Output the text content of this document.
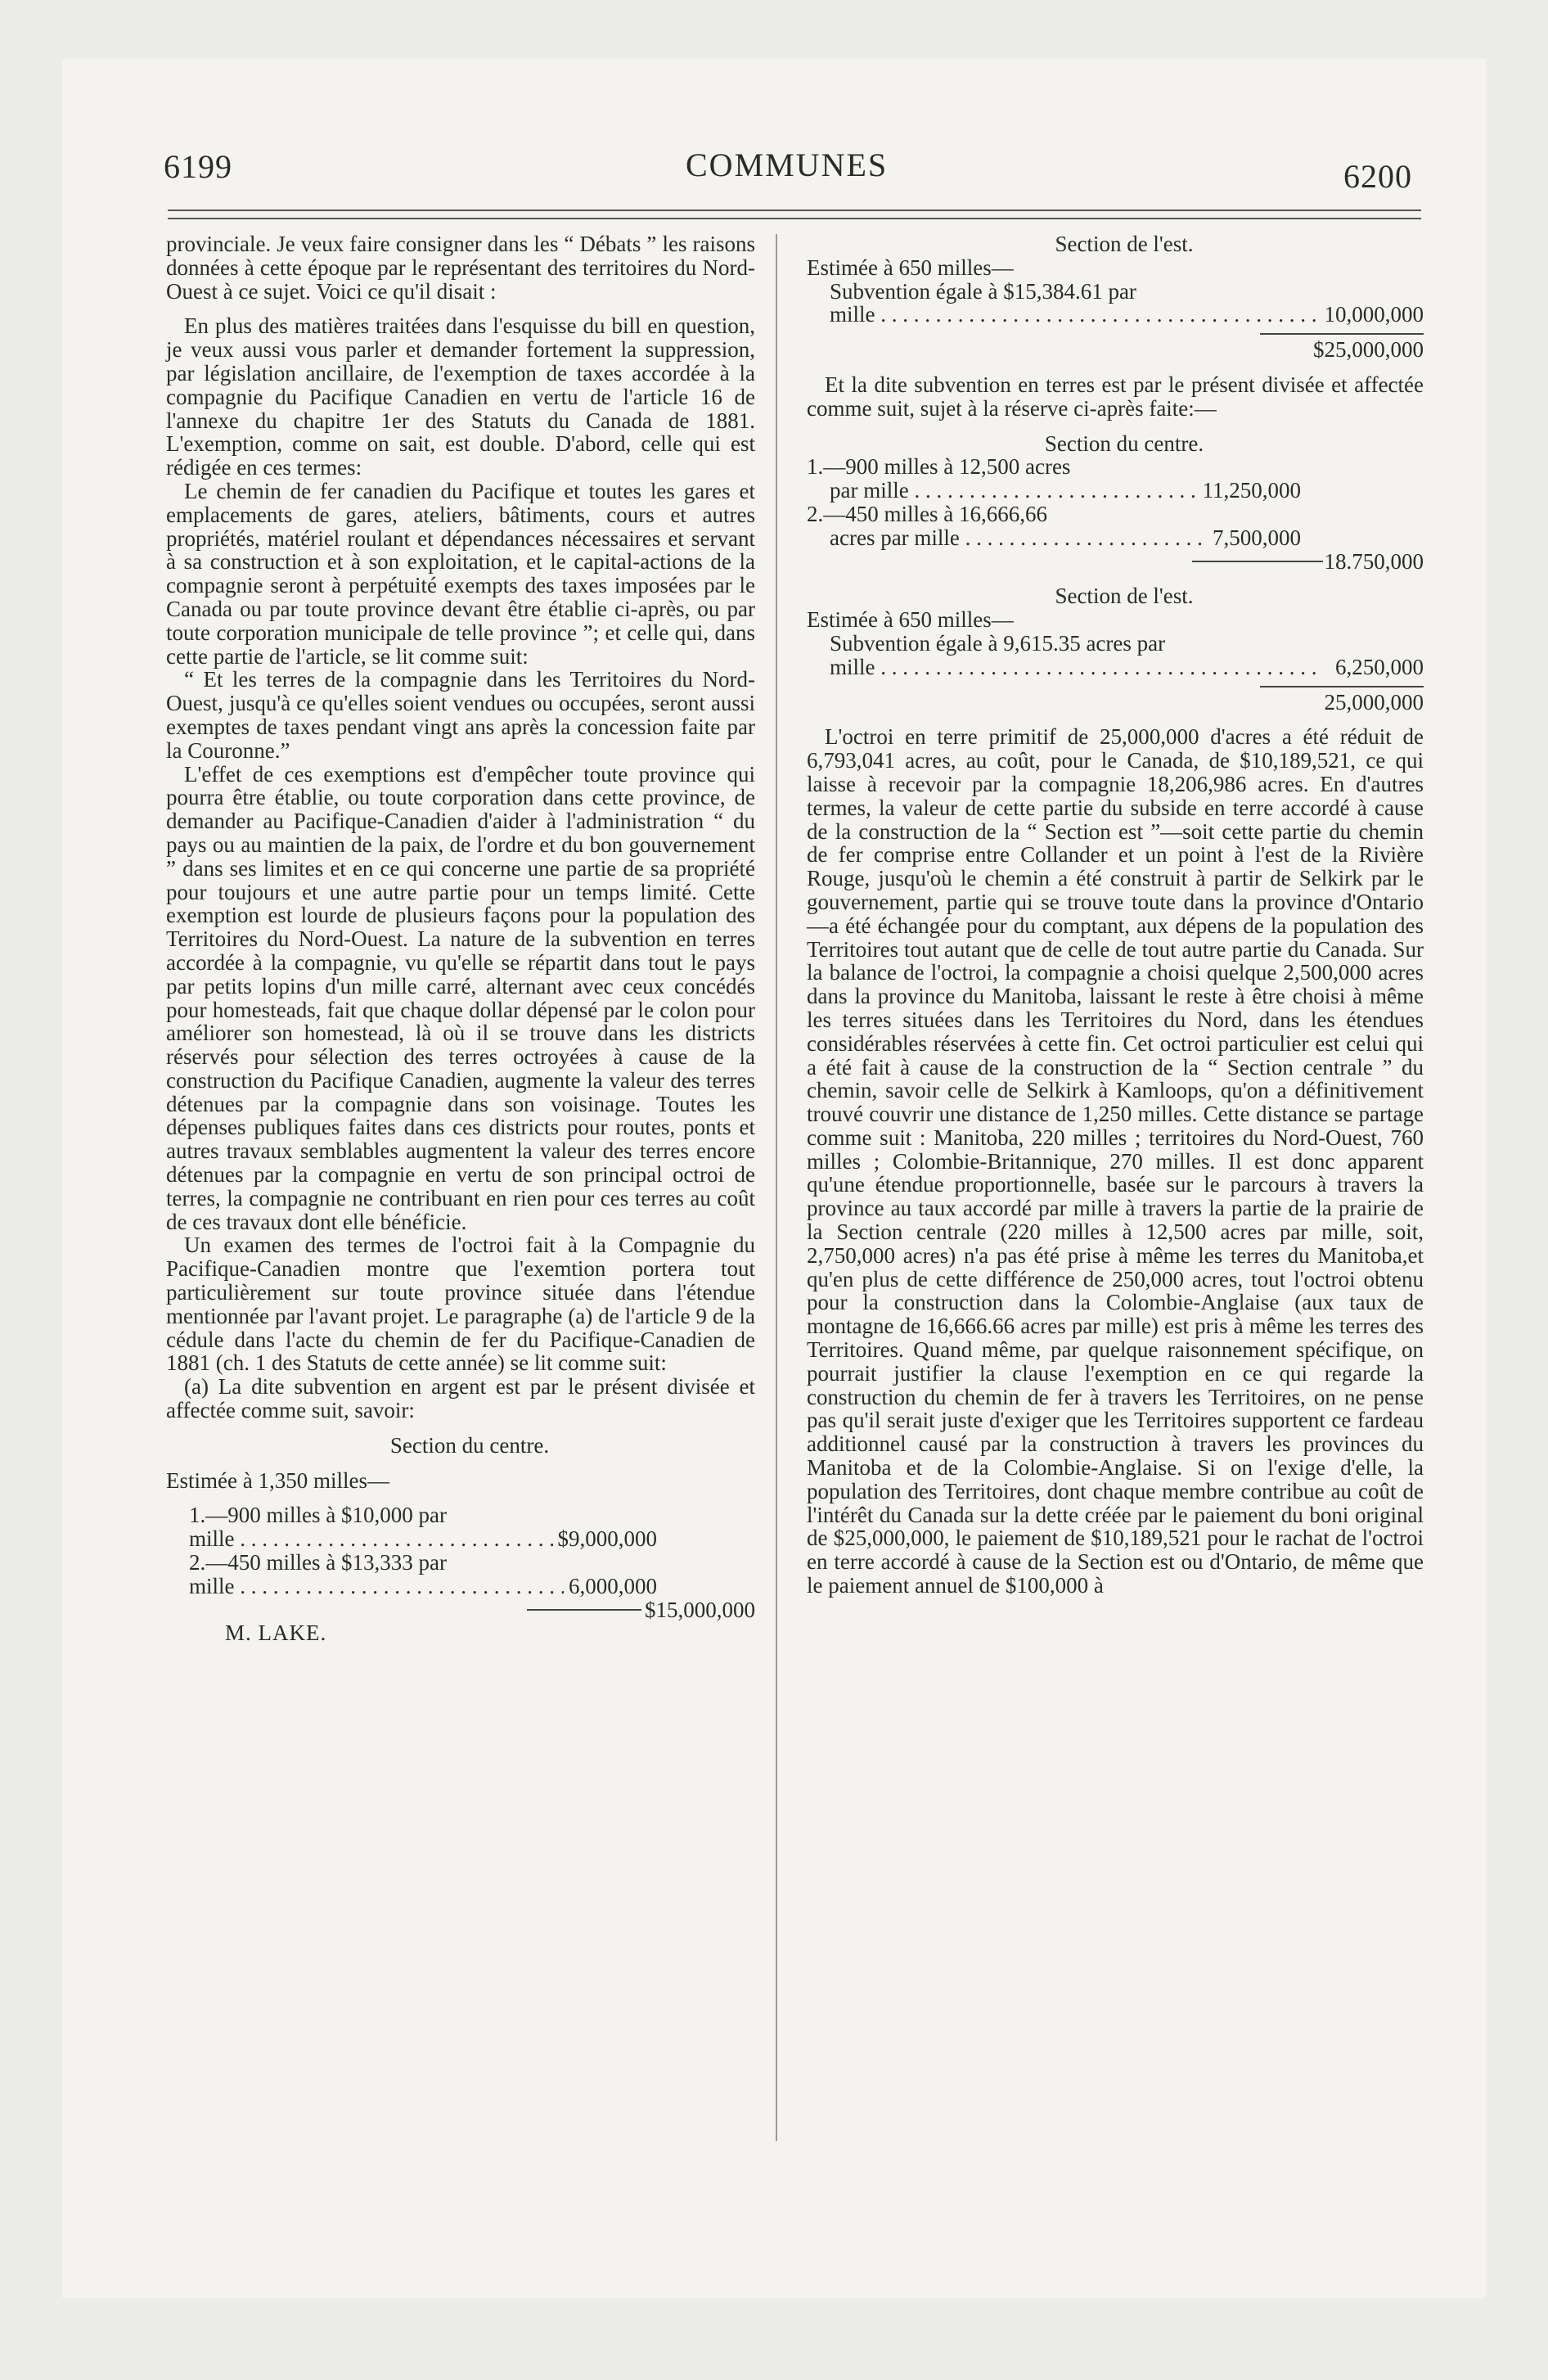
6199	COMMUNES	6200

provinciale. Je veux faire consigner dans les “ Débats ” les raisons données à cette époque par le représentant des territoires du Nord-Ouest à ce sujet. Voici ce qu'il disait :

En plus des matières traitées dans l'esquisse du bill en question, je veux aussi vous parler et demander fortement la suppression, par législation ancillaire, de l'exemption de taxes accordée à la compagnie du Pacifique Canadien en vertu de l'article 16 de l'annexe du chapitre 1er des Statuts du Canada de 1881. L'exemption, comme on sait, est double. D'abord, celle qui est rédigée en ces termes:

Le chemin de fer canadien du Pacifique et toutes les gares et emplacements de gares, ateliers, bâtiments, cours et autres propriétés, matériel roulant et dépendances nécessaires et servant à sa construction et à son exploitation, et le capital-actions de la compagnie seront à perpétuité exempts des taxes imposées par le Canada ou par toute province devant être établie ci-après, ou par toute corporation municipale de telle province ”; et celle qui, dans cette partie de l'article, se lit comme suit:

“ Et les terres de la compagnie dans les Territoires du Nord-Ouest, jusqu'à ce qu'elles soient vendues ou occupées, seront aussi exemptes de taxes pendant vingt ans après la concession faite par la Couronne.”

L'effet de ces exemptions est d'empêcher toute province qui pourra être établie, ou toute corporation dans cette province, de demander au Pacifique-Canadien d'aider à l'administration “ du pays ou au maintien de la paix, de l'ordre et du bon gouvernement ” dans ses limites et en ce qui concerne une partie de sa propriété pour toujours et une autre partie pour un temps limité. Cette exemption est lourde de plusieurs façons pour la population des Territoires du Nord-Ouest. La nature de la subvention en terres accordée à la compagnie, vu qu'elle se répartit dans tout le pays par petits lopins d'un mille carré, alternant avec ceux concédés pour homesteads, fait que chaque dollar dépensé par le colon pour améliorer son homestead, là où il se trouve dans les districts réservés pour sélection des terres octroyées à cause de la construction du Pacifique Canadien, augmente la valeur des terres détenues par la compagnie dans son voisinage. Toutes les dépenses publiques faites dans ces districts pour routes, ponts et autres travaux semblables augmentent la valeur des terres encore détenues par la compagnie en vertu de son principal octroi de terres, la compagnie ne contribuant en rien pour ces terres au coût de ces travaux dont elle bénéficie.

Un examen des termes de l'octroi fait à la Compagnie du Pacifique-Canadien montre que l'exemtion portera tout particulièrement sur toute province située dans l'étendue mentionnée par l'avant projet. Le paragraphe (a) de l'article 9 de la cédule dans l'acte du chemin de fer du Pacifique-Canadien de 1881 (ch. 1 des Statuts de cette année) se lit comme suit:

(a) La dite subvention en argent est par le présent divisée et affectée comme suit, savoir:

Section du centre.

Estimée à 1,350 milles—

1.—900 milles à $10,000 par

mille . . .	$9,000,000

2.—450 milles à $13,333 par

mille . . .	6,000,000
$15,000,000

M. LAKE.

Section de l'est.

Estimée à 650 milles—

Subvention égale à $15,384.61 par

mille . . .	10,000,000

$25,000,000

Et la dite subvention en terres est par le présent divisée et affectée comme suit, sujet à la réserve ci-après faite:—

Section du centre.

1.—900 milles à 12,500 acres

par mille . . .	11,250,000

2.—450 milles à 16,666,66

acres par mille . . .	7,500,000
18.750,000

Section de l'est.

Estimée à 650 milles—

Subvention égale à 9,615.35 acres par

mille . . .	6,250,000

25,000,000

L'octroi en terre primitif de 25,000,000 d'acres a été réduit de 6,793,041 acres, au coût, pour le Canada, de $10,189,521, ce qui laisse à recevoir par la compagnie 18,206,986 acres. En d'autres termes, la valeur de cette partie du subside en terre accordé à cause de la construction de la “ Section est ”—soit cette partie du chemin de fer comprise entre Collander et un point à l'est de la Rivière Rouge, jusqu'où le chemin a été construit à partir de Selkirk par le gouvernement, partie qui se trouve toute dans la province d'Ontario—a été échangée pour du comptant, aux dépens de la population des Territoires tout autant que de celle de tout autre partie du Canada. Sur la balance de l'octroi, la compagnie a choisi quelque 2,500,000 acres dans la province du Manitoba, laissant le reste à être choisi à même les terres situées dans les Territoires du Nord, dans les étendues considérables réservées à cette fin. Cet octroi particulier est celui qui a été fait à cause de la construction de la “ Section centrale ” du chemin, savoir celle de Selkirk à Kamloops, qu'on a définitivement trouvé couvrir une distance de 1,250 milles. Cette distance se partage comme suit : Manitoba, 220 milles ; territoires du Nord-Ouest, 760 milles ; Colombie-Britannique, 270 milles. Il est donc apparent qu'une étendue proportionnelle, basée sur le parcours à travers la province au taux accordé par mille à travers la partie de la prairie de la Section centrale (220 milles à 12,500 acres par mille, soit, 2,750,000 acres) n'a pas été prise à même les terres du Manitoba,et qu'en plus de cette différence de 250,000 acres, tout l'octroi obtenu pour la construction dans la Colombie-Anglaise (aux taux de montagne de 16,666.66 acres par mille) est pris à même les terres des Territoires. Quand même, par quelque raisonnement spécifique, on pourrait justifier la clause l'exemption en ce qui regarde la construction du chemin de fer à travers les Territoires, on ne pense pas qu'il serait juste d'exiger que les Territoires supportent ce fardeau additionnel causé par la construction à travers les provinces du Manitoba et de la Colombie-Anglaise. Si on l'exige d'elle, la population des Territoires, dont chaque membre contribue au coût de l'intérêt du Canada sur la dette créée par le paiement du boni original de $25,000,000, le paiement de $10,189,521 pour le rachat de l'octroi en terre accordé à cause de la Section est ou d'Ontario, de même que le paiement annuel de $100,000 à
